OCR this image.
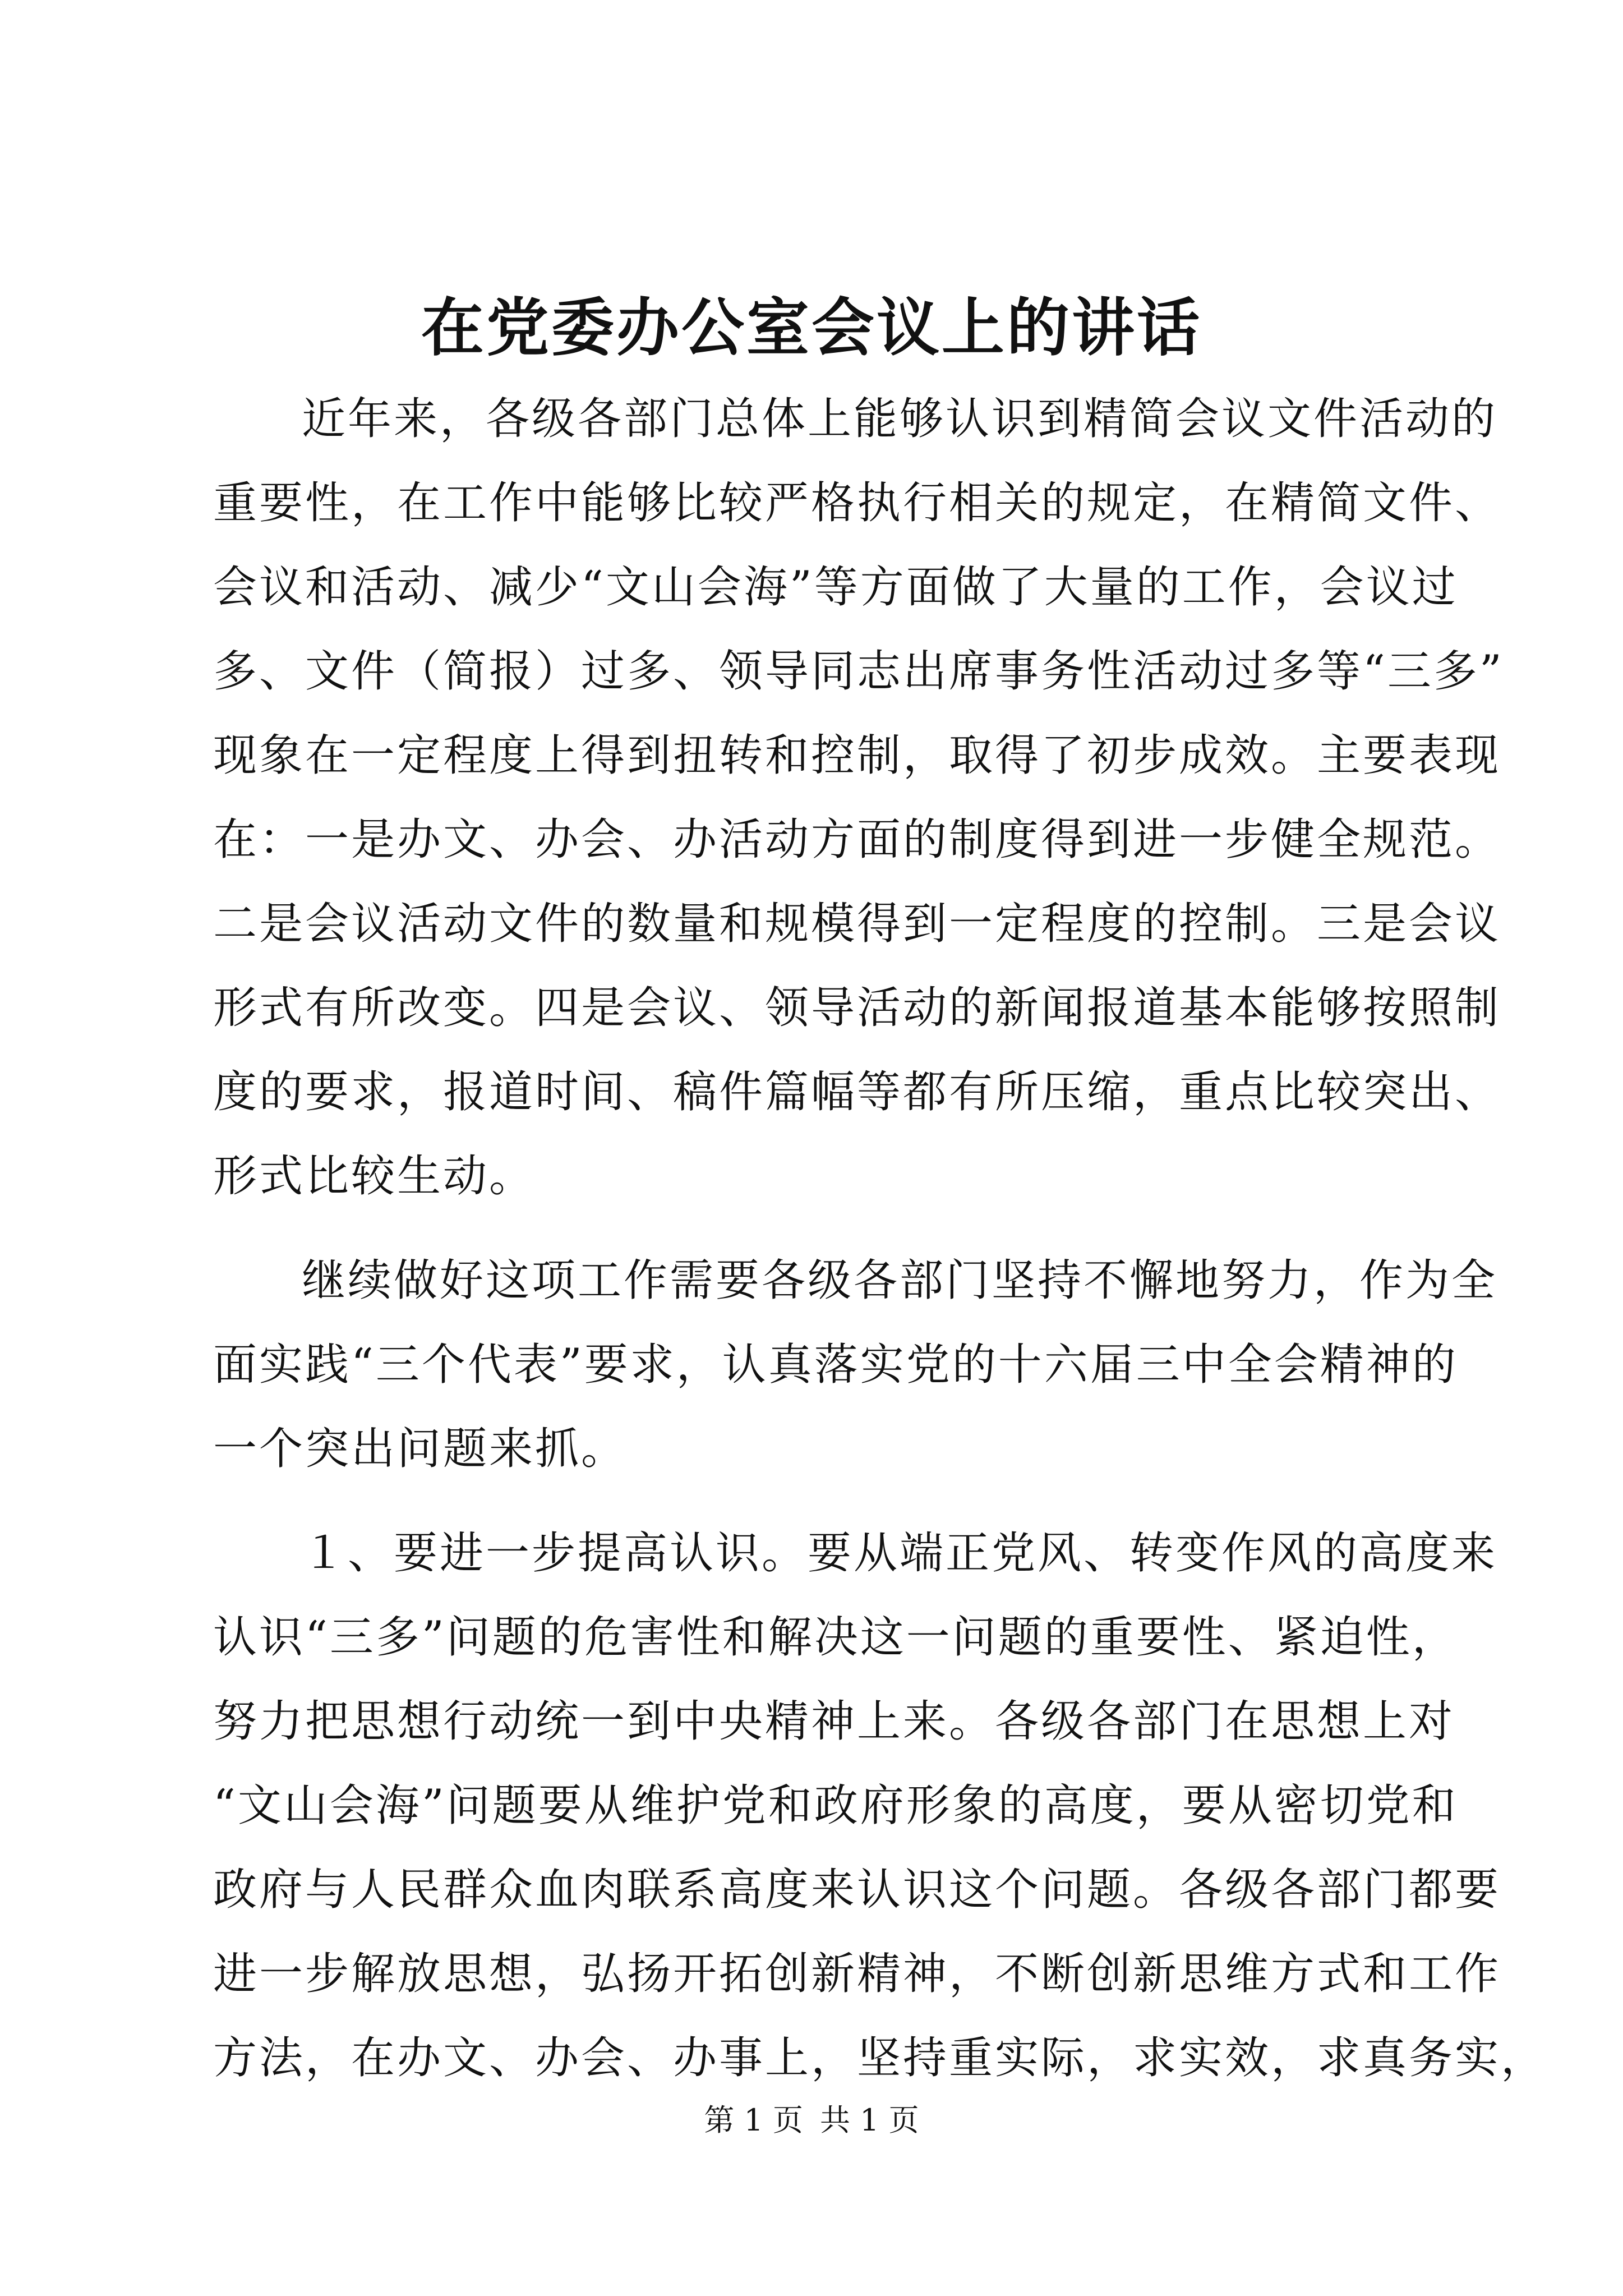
在党委办公室会议上的讲话
近年来，各级各部门总体上能够认识到精简会议文件活动的
重要性，在工作中能够比较严格执行相关的规定，在精简文件、
会议和活动、减少“文山会海”等方面做了大量的工作，会议过
多、文件（简报）过多、领导同志出席事务性活动过多等“三多”
现象在一定程度上得到扭转和控制，取得了初步成效。主要表现
在：一是办文、办会、办活动方面的制度得到进一步健全规范。
二是会议活动文件的数量和规模得到一定程度的控制。三是会议
形式有所改变。四是会议、领导活动的新闻报道基本能够按照制
度的要求，报道时间、稿件篇幅等都有所压缩，重点比较突出、
形式比较生动。
继续做好这项工作需要各级各部门坚持不懈地努力，作为全
面实践“三个代表”要求，认真落实党的十六届三中全会精神的
一个突出问题来抓。
１、要进一步提高认识。要从端正党风、转变作风的高度来
认识“三多”问题的危害性和解决这一问题的重要性、紧迫性，
努力把思想行动统一到中央精神上来。各级各部门在思想上对
“文山会海”问题要从维护党和政府形象的高度，要从密切党和
政府与人民群众血肉联系高度来认识这个问题。各级各部门都要
进一步解放思想，弘扬开拓创新精神，不断创新思维方式和工作
方法，在办文、办会、办事上，坚持重实际，求实效，求真务实，
第 1 页 共 1 页
